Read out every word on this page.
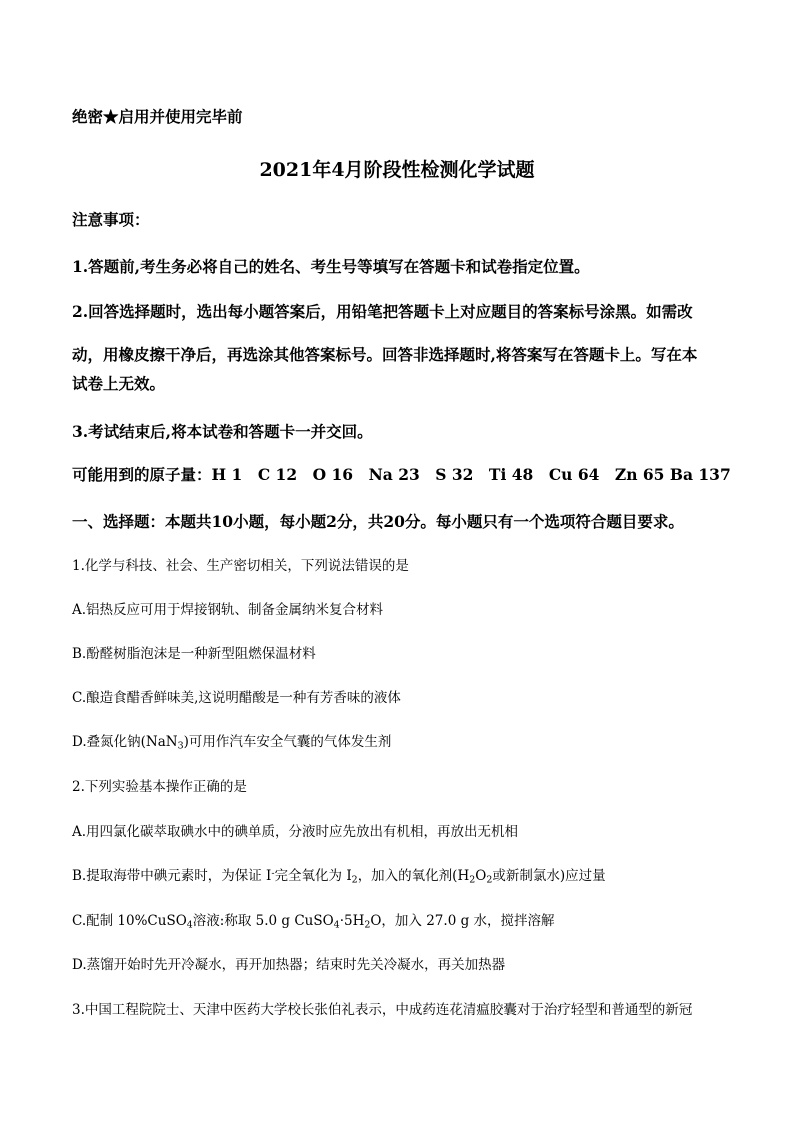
绝密★启用并使用完毕前
2021年4月阶段性检测化学试题
注意事项：
1.答题前,考生务必将自己的姓名、考生号等填写在答题卡和试卷指定位置。
2.回答选择题时，选出每小题答案后，用铅笔把答题卡上对应题目的答案标号涂黑。如需改
动，用橡皮擦干净后，再选涂其他答案标号。回答非选择题时,将答案写在答题卡上。写在本
试卷上无效。
3.考试结束后,将本试卷和答题卡一并交回。
可能用到的原子量：H 1　C 12　O 16　Na 23　S 32　Ti 48　Cu 64　Zn 65 Ba 137
一、选择题：本题共10小题，每小题2分，共20分。每小题只有一个选项符合题目要求。
1.化学与科技、社会、生产密切相关，下列说法错误的是
A.铝热反应可用于焊接钢轨、制备金属纳米复合材料
B.酚醛树脂泡沫是一种新型阻燃保温材料
C.酿造食醋香鲜味美,这说明醋酸是一种有芳香味的液体
D.叠氮化钠(NaN$_3$)可用作汽车安全气囊的气体发生剂
2.下列实验基本操作正确的是
A.用四氯化碳萃取碘水中的碘单质，分液时应先放出有机相，再放出无机相
B.提取海带中碘元素时，为保证 I-完全氧化为 $I_2$，加入的氧化剂($H_2O_2$或新制氯水)应过量
C.配制 10%CuSO$_4$溶液:称取 5.0 g $CuSO_4\cdot 5H_2O$，加入 27.0 g 水，搅拌溶解
D.蒸馏开始时先开冷凝水，再开加热器；结束时先关冷凝水，再关加热器
3.中国工程院院士、天津中医药大学校长张伯礼表示，中成药连花清瘟胶囊对于治疗轻型和普通型的新冠
